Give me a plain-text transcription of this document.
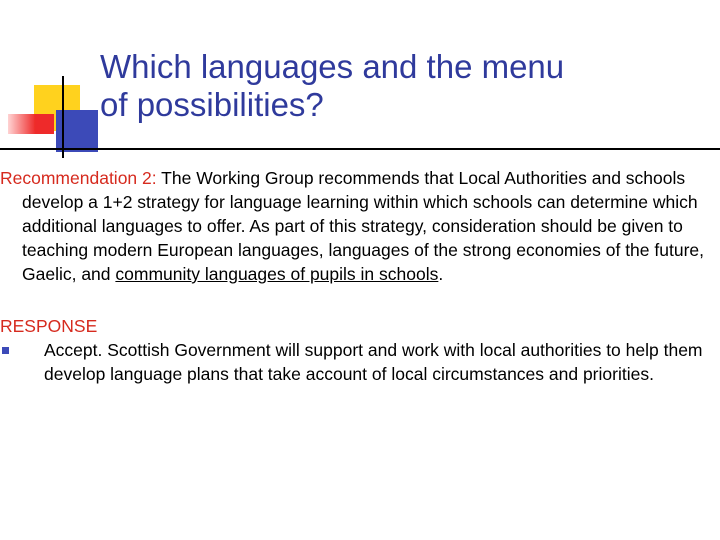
Which languages and the menu
of possibilities?

Recommendation 2: The Working Group recommends that Local Authorities and schools develop a 1+2 strategy for language learning within which schools can determine which additional languages to offer. As part of this strategy, consideration should be given to teaching modern European languages, languages of the strong economies of the future, Gaelic, and community languages of pupils in schools.

RESPONSE

Accept. Scottish Government will support and work with local authorities to help them develop language plans that take account of local circumstances and priorities.
